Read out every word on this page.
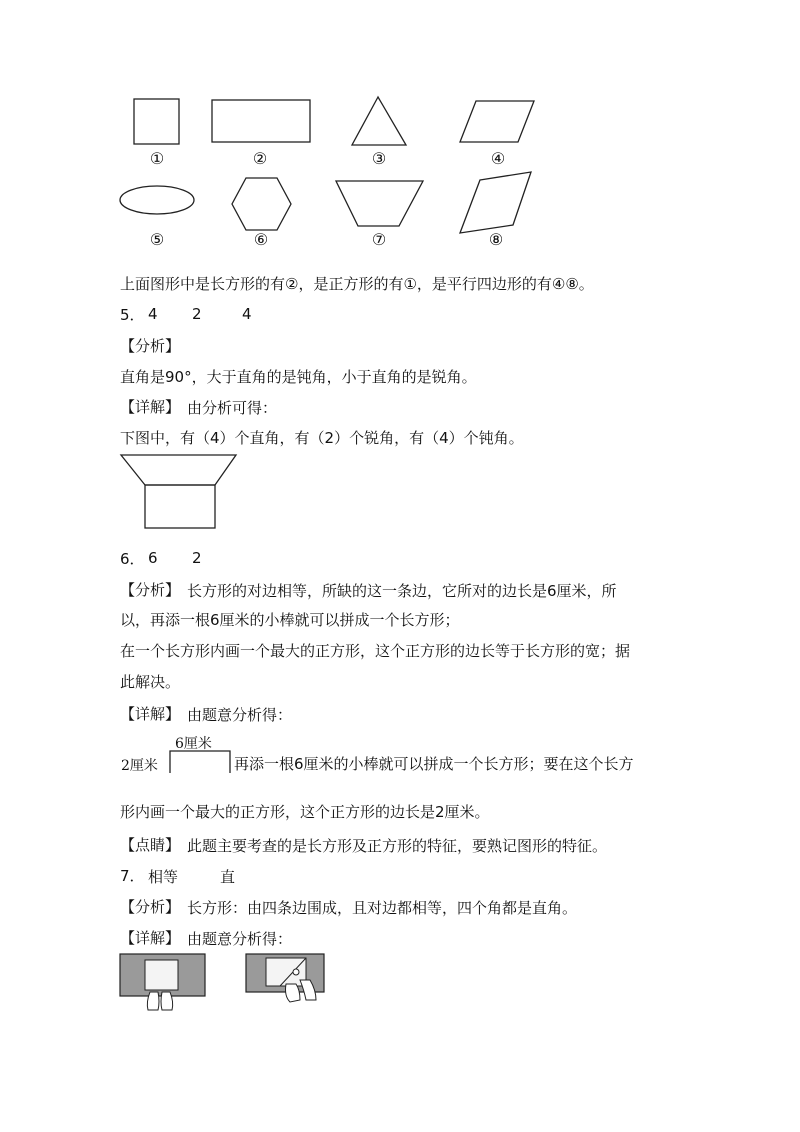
①	②	③	④
⑤	⑥	⑦	⑧
上面图形中是长方形的有②，是正方形的有①，是平行四边形的有④⑧。
5． 4 2	4
【分析】
直角是90°，大于直角的是钝角，小于直角的是锐角。
【详解】 由分析可得：
下图中，有（4）个直角，有（2）个锐角，有（4）个钝角。
6． 6 2
【分析】 长方形的对边相等，所缺的这一条边，它所对的边长是6厘米，所
以，再添一根6厘米的小棒就可以拼成一个长方形；
在一个长方形内画一个最大的正方形，这个正方形的边长等于长方形的宽；据
此解决。
【详解】 由题意分析得：
6厘米
2厘米	再添一根6厘米的小棒就可以拼成一个长方形；要在这个长方
形内画一个最大的正方形，这个正方形的边长是2厘米。
【点睛】 此题主要考查的是长方形及正方形的特征，要熟记图形的特征。
7． 相等	直
【分析】 长方形：由四条边围成，且对边都相等，四个角都是直角。
【详解】 由题意分析得：
